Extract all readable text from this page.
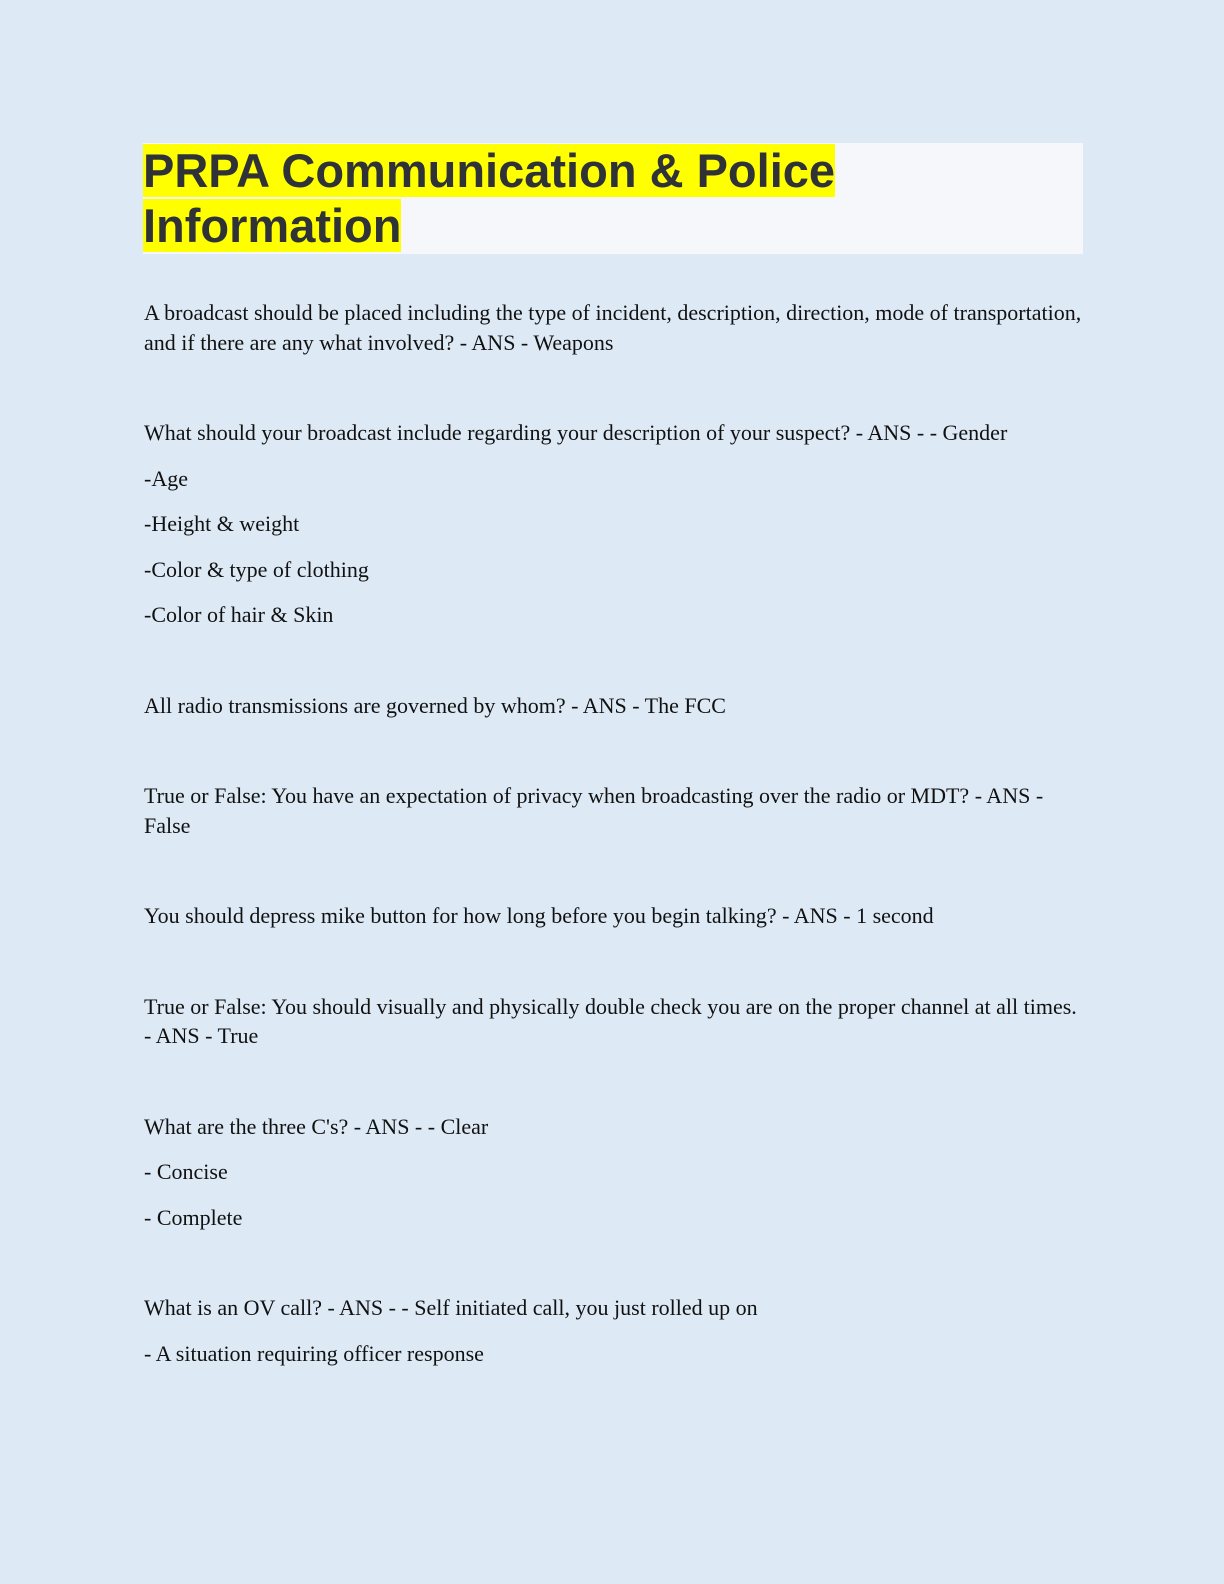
PRPA Communication & Police
Information

A broadcast should be placed including the type of incident, description, direction, mode of transportation, and if there are any what involved? - ANS - Weapons

What should your broadcast include regarding your description of your suspect? - ANS - - Gender

-Age

-Height & weight

-Color & type of clothing

-Color of hair & Skin

All radio transmissions are governed by whom? - ANS - The FCC

True or False: You have an expectation of privacy when broadcasting over the radio or MDT? - ANS - False

You should depress mike button for how long before you begin talking? - ANS - 1 second

True or False: You should visually and physically double check you are on the proper channel at all times. - ANS - True

What are the three C's? - ANS - - Clear

- Concise

- Complete

What is an OV call? - ANS - - Self initiated call, you just rolled up on

- A situation requiring officer response
